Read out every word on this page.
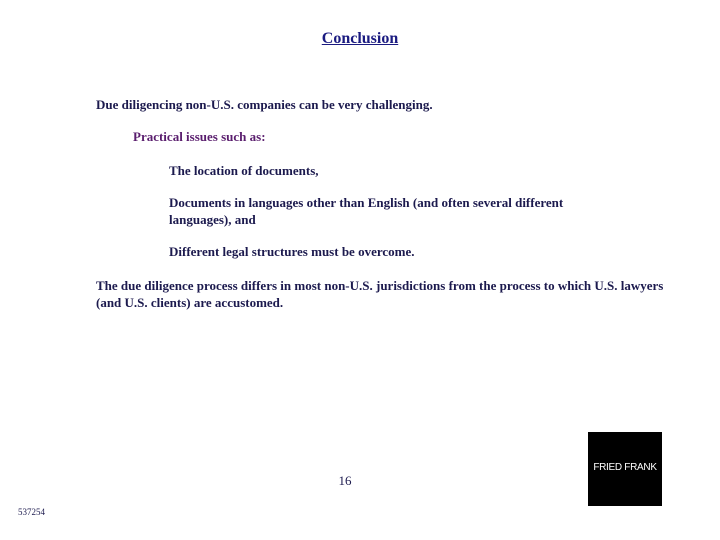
Conclusion
Due diligencing non-U.S. companies can be very challenging.
Practical issues such as:
The location of documents,
Documents in languages other than English (and often several different languages), and
Different legal structures must be overcome.
The due diligence process differs in most non-U.S. jurisdictions from the process to which U.S. lawyers (and U.S. clients) are accustomed.
16
537254
FRIED FRANK
